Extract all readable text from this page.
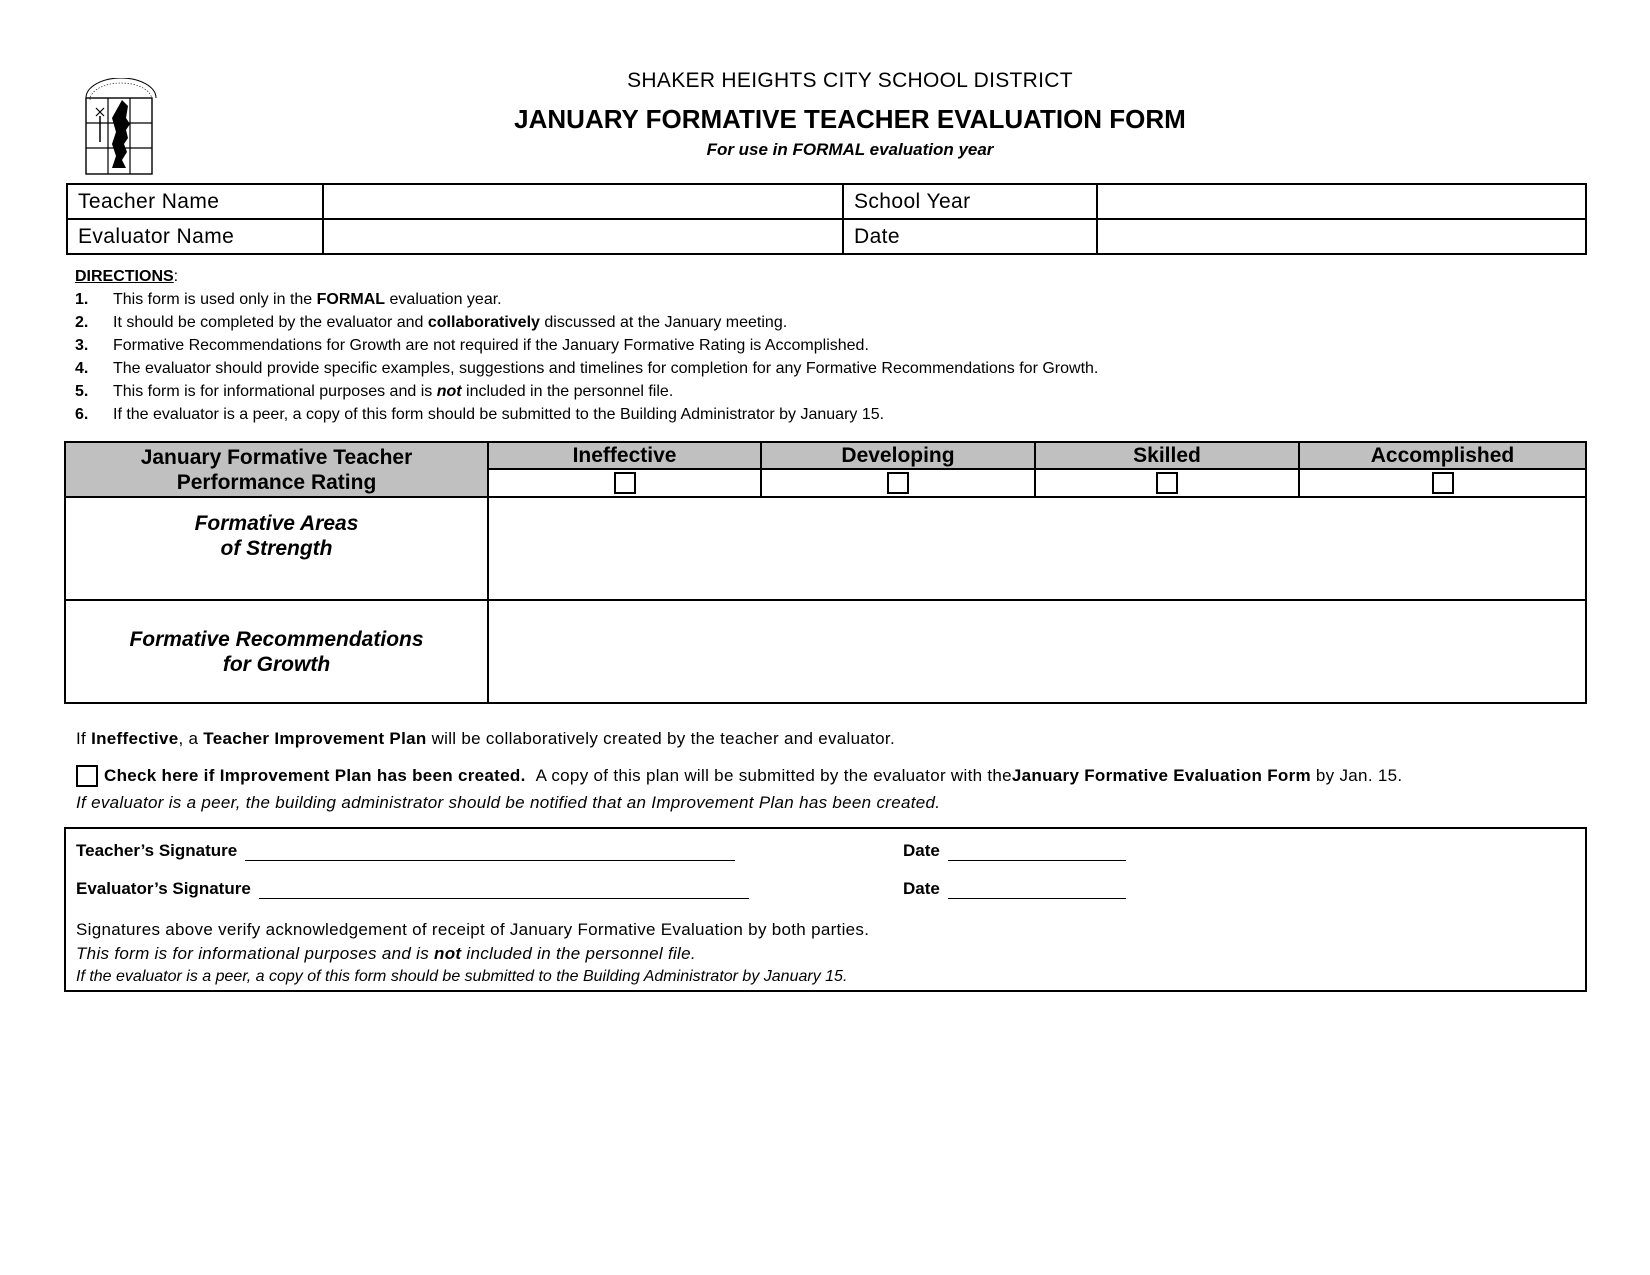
SHAKER HEIGHTS CITY SCHOOL DISTRICT
JANUARY FORMATIVE TEACHER EVALUATION FORM
For use in FORMAL evaluation year
Teacher Name		School Year	
Evaluator Name		Date	
DIRECTIONS:
1. This form is used only in the FORMAL evaluation year.
2. It should be completed by the evaluator and collaboratively discussed at the January meeting.
3. Formative Recommendations for Growth are not required if the January Formative Rating is Accomplished.
4. The evaluator should provide specific examples, suggestions and timelines for completion for any Formative Recommendations for Growth.
5. This form is for informational purposes and is not included in the personnel file.
6. If the evaluator is a peer, a copy of this form should be submitted to the Building Administrator by January 15.
January Formative Teacher
Performance Rating	Ineffective	Developing	Skilled	Accomplished

Formative Areas
of Strength				

Formative Recommendations
for Growth				

If Ineffective, a Teacher Improvement Plan will be collaboratively created by the teacher and evaluator.
Check here if Improvement Plan has been created.
A copy of this plan will be submitted by the evaluator with the January Formative Evaluation Form by Jan. 15.
If evaluator is a peer, the building administrator should be notified that an Improvement Plan has been created.
Teacher’s Signature	Date
Evaluator’s Signature	Date
Signatures above verify acknowledgement of receipt of January Formative Evaluation by both parties.
This form is for informational purposes and is not included in the personnel file.
If the evaluator is a peer, a copy of this form should be submitted to the Building Administrator by January 15.
